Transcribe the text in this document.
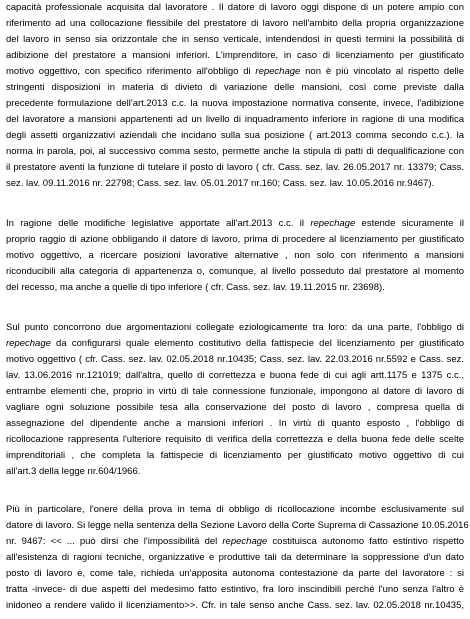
capacità professionale acquisita dal lavoratore . Il datore di lavoro oggi dispone di un potere ampio con
riferimento ad una collocazione flessibile del prestatore di lavoro nell'ambito della propria organizzazione
del lavoro in senso sia orizzontale che in senso verticale, intendendosi in questi termini la possibilità di
adibizione del prestatore a mansioni inferiori. L'imprenditore, in caso di licenziamento per giustificato
motivo oggettivo, con specifico riferimento all'obbligo di repechage non è più vincolato al rispetto delle
stringenti disposizioni in materia di divieto di variazione delle mansioni, così come previste dalla
precedente formulazione dell'art.2013 c.c. la nuova impostazione normativa consente, invece, l'adibizione
del lavoratore a mansioni appartenenti ad un livello di inquadramento inferiore in ragione di una modifica
degli assetti organizzativi aziendali che incidano sulla sua posizione ( art.2013 comma secondo c.c.). la
norma in parola, poi, al successivo comma sesto, permette anche la stipula di patti di dequalificazione con
il prestatore aventi la funzione di tutelare il posto di lavoro ( cfr. Cass. sez. lav. 26.05.2017 nr. 13379; Cass.
sez. lav. 09.11.2016 nr. 22798; Cass. sez. lav. 05.01.2017 nr.160; Cass. sez. lav. 10.05.2016 nr.9467).
In ragione delle modifiche legislative apportate all'art.2013 c.c. il repechage estende sicuramente il
proprio raggio di azione obbligando il datore di lavoro, prima di procedere al licenziamento per giustificato
motivo oggettivo, a ricercare posizioni lavorative alternative , non solo con riferimento a mansioni
riconducibili alla categoria di appartenenza o, comunque, al livello posseduto dal prestatore al momento
del recesso, ma anche a quelle di tipo inferiore ( cfr. Cass. sez. lav. 19.11.2015 nr. 23698).
Sul punto concorrono due argomentazioni collegate eziologicamente tra loro: da una parte, l'obbligo di
repechage da configurarsi quale elemento costitutivo della fattispecie del licenziamento per giustificato
motivo oggettivo ( cfr. Cass. sez. lav. 02.05.2018 nr.10435; Cass. sez. lav. 22.03.2016 nr.5592 e Cass. sez.
lav. 13.06.2016 nr.121019; dall'altra, quello di correttezza e buona fede di cui agli artt.1175 e 1375 c.c.,
entrambe elementi che, proprio in virtù di tale connessione funzionale, impongono al datore di lavoro di
vagliare ogni soluzione possibile tesa alla conservazione del posto di lavoro , compresa quella di
assegnazione del dipendente anche a mansioni inferiori . In virtù di quanto esposto , l'obbligo di
ricollocazione rappresenta l'ulteriore requisito di verifica della correttezza e della buona fede delle scelte
imprenditoriali , che completa la fattispecie di licenziamento per giustificato motivo oggettivo di cui
all'art.3 della legge nr.604/1966.
Più in particolare, l'onere della prova in tema di obbligo di ricollocazione incombe esclusivamente sul
datore di lavoro. Si legge nella sentenza della Sezione Lavoro della Corte Suprema di Cassazione 10.05.2016
nr. 9467: << ... può dirsi che l'impossibilità del repechage costituisca autonomo fatto estintivo rispetto
all'esistenza di ragioni tecniche, organizzative e produttive tali da determinare la soppressione d'un dato
posto di lavoro e, come tale, richieda un'apposita autonoma contestazione da parte del lavoratore : si
tratta -invece- di due aspetti del medesimo fatto estintivo, fra loro inscindibili perché l'uno senza l'altro è
inidoneo a rendere valido il licenziamento>>. Cfr. in tale senso anche Cass. sez. lav. 02.05.2018 nr.10435,
